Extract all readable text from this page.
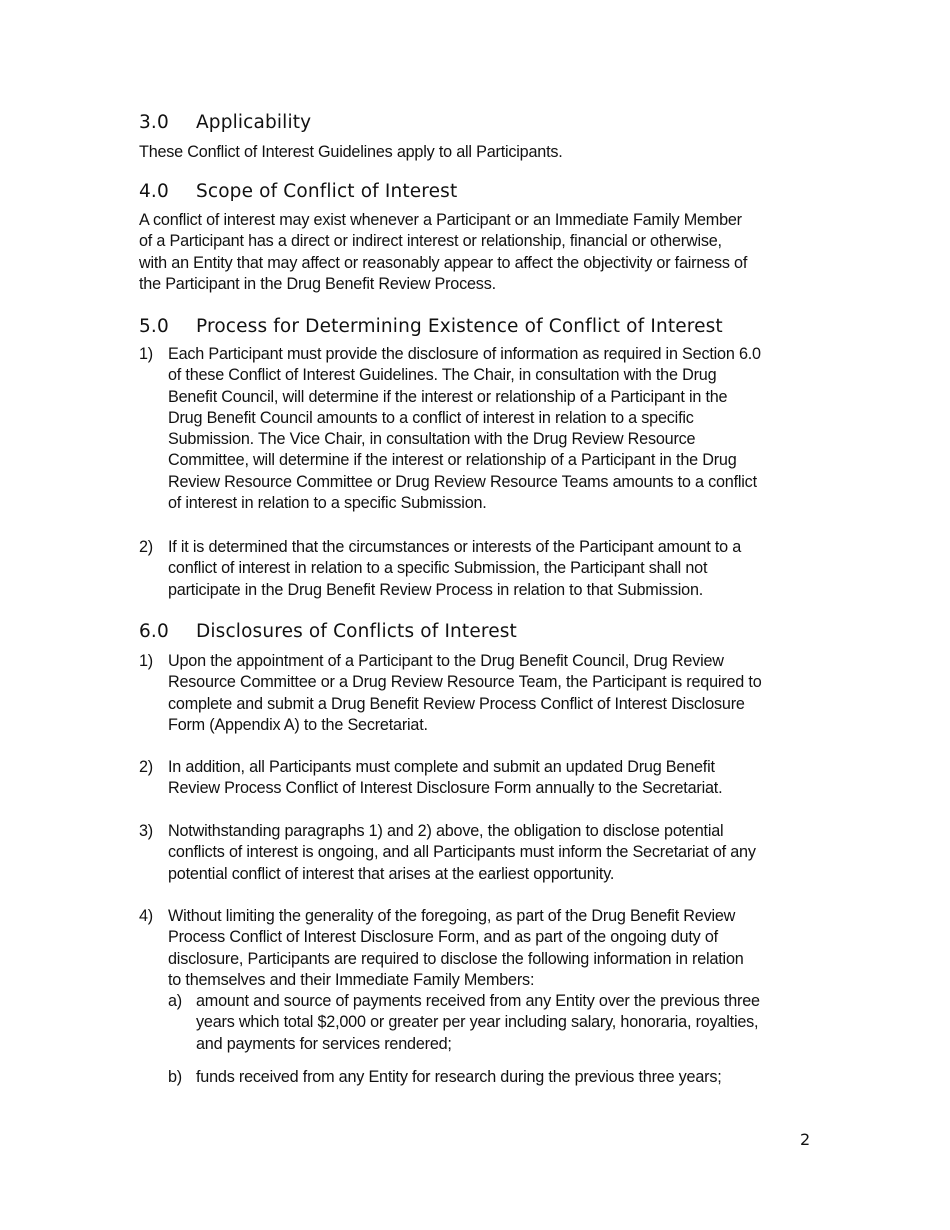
3.0	Applicability
These Conflict of Interest Guidelines apply to all Participants.
4.0	Scope of Conflict of Interest
A conflict of interest may exist whenever a Participant or an Immediate Family Member
of a Participant has a direct or indirect interest or relationship, financial or otherwise,
with an Entity that may affect or reasonably appear to affect the objectivity or fairness of
the Participant in the Drug Benefit Review Process.
5.0	Process for Determining Existence of Conflict of Interest
1) Each Participant must provide the disclosure of information as required in Section 6.0
of these Conflict of Interest Guidelines. The Chair, in consultation with the Drug
Benefit Council, will determine if the interest or relationship of a Participant in the
Drug Benefit Council amounts to a conflict of interest in relation to a specific
Submission. The Vice Chair, in consultation with the Drug Review Resource
Committee, will determine if the interest or relationship of a Participant in the Drug
Review Resource Committee or Drug Review Resource Teams amounts to a conflict
of interest in relation to a specific Submission.
2) If it is determined that the circumstances or interests of the Participant amount to a
conflict of interest in relation to a specific Submission, the Participant shall not
participate in the Drug Benefit Review Process in relation to that Submission.
6.0	Disclosures of Conflicts of Interest
1) Upon the appointment of a Participant to the Drug Benefit Council, Drug Review
Resource Committee or a Drug Review Resource Team, the Participant is required to
complete and submit a Drug Benefit Review Process Conflict of Interest Disclosure
Form (Appendix A) to the Secretariat.
2) In addition, all Participants must complete and submit an updated Drug Benefit
Review Process Conflict of Interest Disclosure Form annually to the Secretariat.
3) Notwithstanding paragraphs 1) and 2) above, the obligation to disclose potential
conflicts of interest is ongoing, and all Participants must inform the Secretariat of any
potential conflict of interest that arises at the earliest opportunity.
4) Without limiting the generality of the foregoing, as part of the Drug Benefit Review
Process Conflict of Interest Disclosure Form, and as part of the ongoing duty of
disclosure, Participants are required to disclose the following information in relation
to themselves and their Immediate Family Members:
a) amount and source of payments received from any Entity over the previous three
years which total $2,000 or greater per year including salary, honoraria, royalties,
and payments for services rendered;
b) funds received from any Entity for research during the previous three years;
2
